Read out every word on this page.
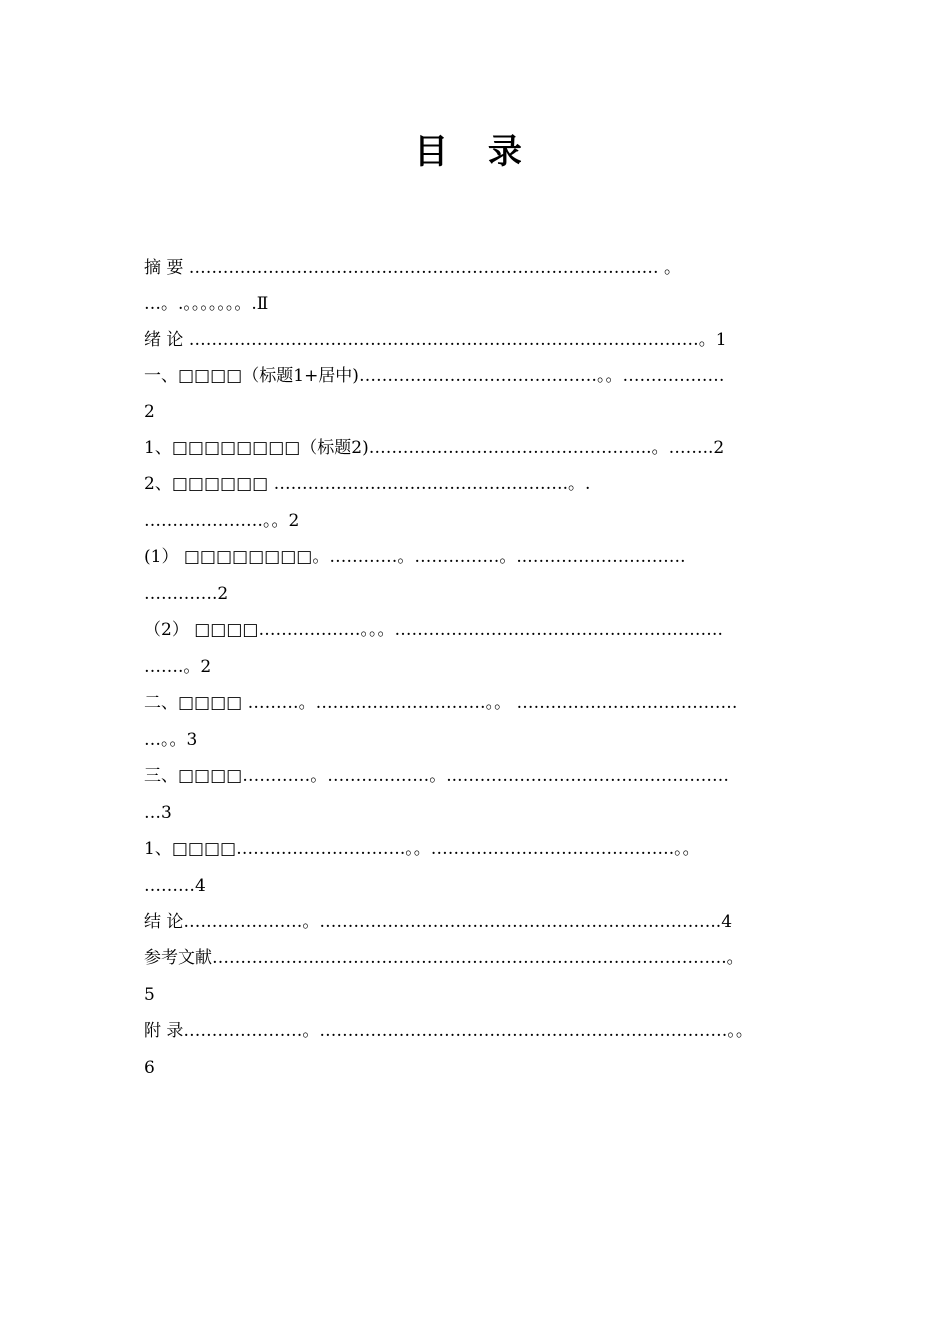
目 录
摘 要 ……………………………………………………………………..… 。
…。.。。。。。。。.Ⅱ
绪 论 ………………………………………………………………………………。1
一、□□□□（标题1+居中)……………………………………。。………………
2
1、□□□□□□□□（标题2)…………………………………………..。……..2
2、□□□□□□ …………………………………………….。.
…………………。。2
(1） □□□□□□□□。…………。……………。..……………………….
………….2
（2） □□□□………………。。。………………………………………………….
…….。2
二、□□□□ ………。…………………………。。 …………………………………
…。。3
三、□□□□…………。………………。..…………………………………………
…3
1、□□□□……..………………….。。…………………………………….。。
………4
结 论…………………。……………………………………………………………..4
参考文献………………..……………………………………………………………..。
5
附 录…………………。………………………………………………………………。。
6
